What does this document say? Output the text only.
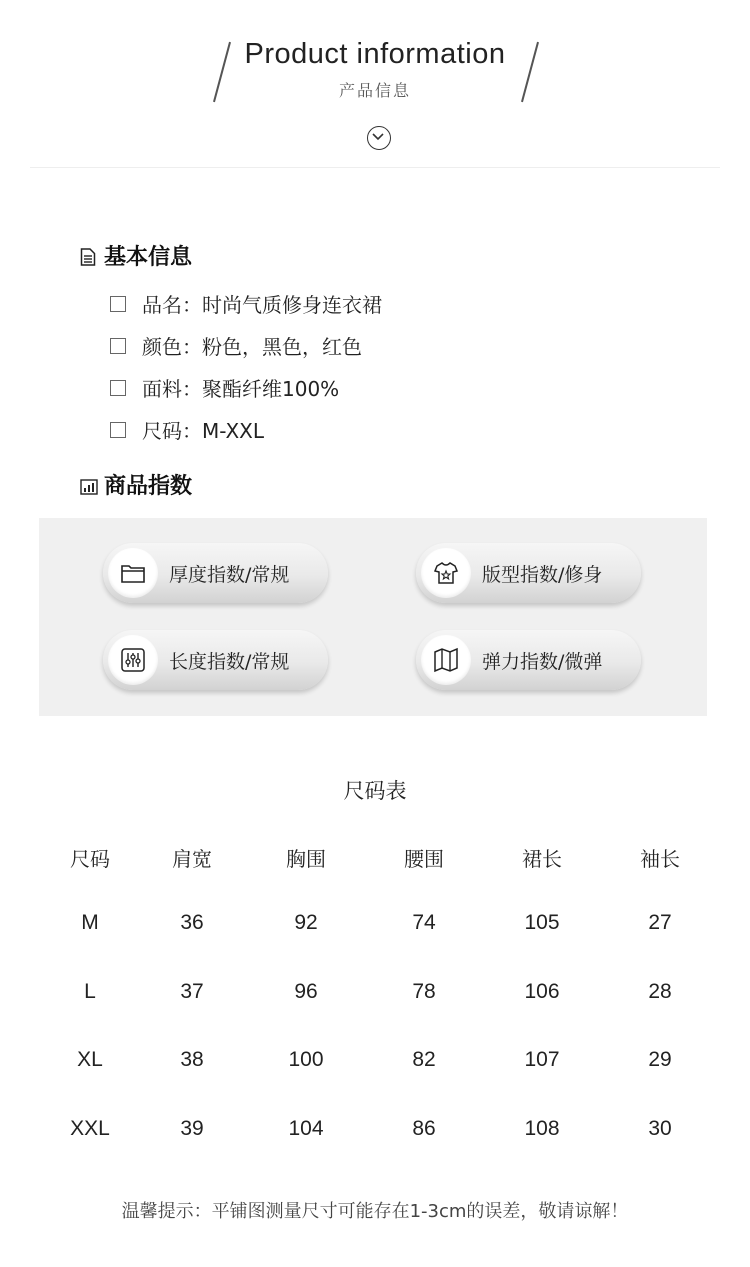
Product information
产品信息
基本信息
品名：时尚气质修身连衣裙
颜色：粉色，黑色，红色
面料：聚酯纤维100%
尺码：M-XXL
商品指数
厚度指数/常规	版型指数/修身
长度指数/常规	弹力指数/微弹
尺码表
尺码	肩宽	胸围	腰围	裙长	袖长
M	36	92	74	105	27
L	37	96	78	106	28
XL	38	100	82	107	29
XXL	39	104	86	108	30
温馨提示：平铺图测量尺寸可能存在1-3cm的误差，敬请谅解！
